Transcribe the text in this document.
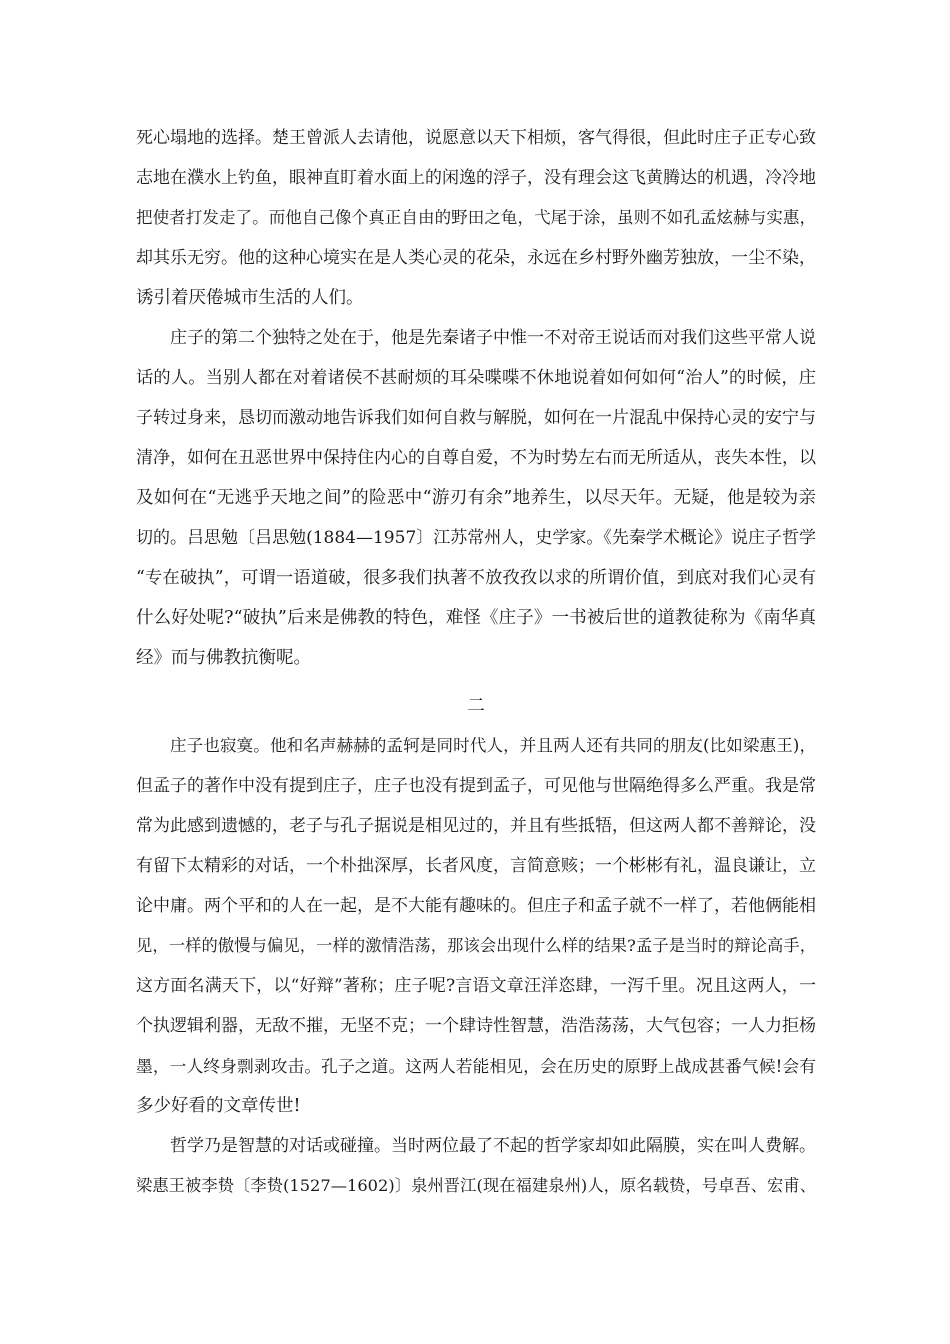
死心塌地的选择。楚王曾派人去请他，说愿意以天下相烦，客气得很，但此时庄子正专心致
志地在濮水上钓鱼，眼神直盯着水面上的闲逸的浮子，没有理会这飞黄腾达的机遇，冷冷地
把使者打发走了。而他自己像个真正自由的野田之龟，弋尾于涂，虽则不如孔孟炫赫与实惠，
却其乐无穷。他的这种心境实在是人类心灵的花朵，永远在乡村野外幽芳独放，一尘不染，
诱引着厌倦城市生活的人们。
庄子的第二个独特之处在于，他是先秦诸子中惟一不对帝王说话而对我们这些平常人说
话的人。当别人都在对着诸侯不甚耐烦的耳朵喋喋不休地说着如何如何“治人”的时候，庄
子转过身来，恳切而激动地告诉我们如何自救与解脱，如何在一片混乱中保持心灵的安宁与
清净，如何在丑恶世界中保持住内心的自尊自爱，不为时势左右而无所适从，丧失本性，以
及如何在“无逃乎天地之间”的险恶中“游刃有余”地养生，以尽天年。无疑，他是较为亲
切的。吕思勉〔吕思勉(1884—1957〕江苏常州人，史学家。《先秦学术概论》说庄子哲学
“专在破执”，可谓一语道破，很多我们执著不放孜孜以求的所谓价值，到底对我们心灵有
什么好处呢?“破执”后来是佛教的特色，难怪《庄子》一书被后世的道教徒称为《南华真
经》而与佛教抗衡呢。
二
庄子也寂寞。他和名声赫赫的孟轲是同时代人，并且两人还有共同的朋友(比如梁惠王)，
但孟子的著作中没有提到庄子，庄子也没有提到孟子，可见他与世隔绝得多么严重。我是常
常为此感到遗憾的，老子与孔子据说是相见过的，并且有些抵牾，但这两人都不善辩论，没
有留下太精彩的对话，一个朴拙深厚，长者风度，言简意赅；一个彬彬有礼，温良谦让，立
论中庸。两个平和的人在一起，是不大能有趣味的。但庄子和孟子就不一样了，若他俩能相
见，一样的傲慢与偏见，一样的激情浩荡，那该会出现什么样的结果?孟子是当时的辩论高手，
这方面名满天下，以“好辩”著称；庄子呢?言语文章汪洋恣肆，一泻千里。况且这两人，一
个执逻辑利器，无敌不摧，无坚不克；一个肆诗性智慧，浩浩荡荡，大气包容；一人力拒杨
墨，一人终身剽剥攻击。孔子之道。这两人若能相见，会在历史的原野上战成甚番气候!会有
多少好看的文章传世!
哲学乃是智慧的对话或碰撞。当时两位最了不起的哲学家却如此隔膜，实在叫人费解。
梁惠王被李贽〔李贽(1527—1602)〕泉州晋江(现在福建泉州)人，原名载贽，号卓吾、宏甫、
